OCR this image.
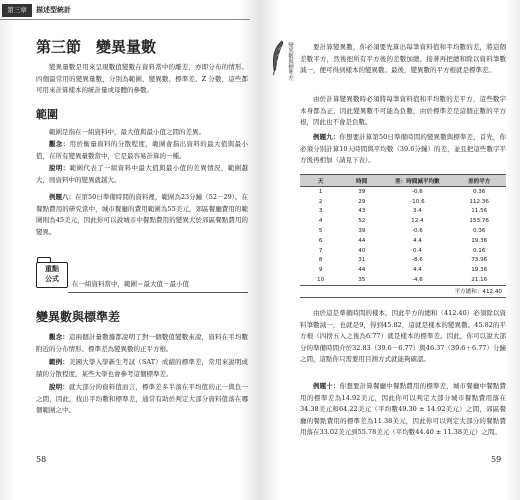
第三章	描述型統計
第三節　變異量數

變異量數是用來呈現數值變數在資料當中的離差，亦即分布的情形。四個最常用的變異量數，分別為範圍、變異數、標準差、Z 分數，這些都可用來計算樣本的統計量或母體的參數。

範圍

範圍是指在一組資料中，最大值與最小值之間的差異。

觀念：用於衡量資料的分散程度，範圍會指出資料的最大值與最小值，在所有變異量數當中，它是最容易計算的一種。

說明：範圍代表了一組資料中最大值與最小值的差異情況，範圍越大，則資料中的變異就越大。

例題八：在第50日準備時間的資料裡，範圍為23分鐘（52－29）。在餐點費用的研究當中，城市餐廳的費用範圍為55美元，郊區餐廳費用的範圍則為45美元，因此你可以說城市中餐點費用的變異大於郊區餐點費用的變異。

重點
公式
在一組資料當中，範圍＝最大值－最小值
變異數與標準差

觀念：這兩個計量數據都說明了對一個數值變數來說，資料在平均數附近的分布情形。標準差為變異數的正平方根。

範例：美國大學入學新生考試（SAT）成績的標準差，常用來說明成績的分散程度，某些大學也會參考這個標準差。

說明：就大部分的資料值而言，標準差多半落在平均值的正一與負一之間，因此，找出平均數和標準差，通常有助於判定大部分資料值落在哪個範圍之中。

58
變異數與標準差	要計算變異數，你必須要先算出每筆資料值和平均數的差，將這個差數平方，然後把所有平方後的差數加總，接著再把總和除以資料筆數減一，便可得到樣本的變異數。最後，變異數的平方根就是標準差。

由於計算變異數時必須將每筆資料值和平均數的差平方，這些數字本身都為正，因此變異數不可能為負數，由於標準差是這個正數的平方根，因此也不會是負數。

例題九：你想要計算第50日準備時間的變異數與標準差，首先，你必須分別計算10天時間與平均數（39.6分鐘）的差，並且把這些數字平方後再相加（請見下表）。

天	時間	差：時間減平均數	差的平方
1	39	-0.6	0.36
2	29	-10.6	112.36
3	43	3.4	11.56
4	52	12.4	153.76
5	39	-0.6	0.36
6	44	4.4	19.36
7	40	0.4	0.16
8	31	-8.6	73.96
9	44	4.4	19.36
10	35	-4.6	21.16
平方總和：412.40			

由於這是準備時間的樣本，因此平方的總和（412.40）必須除以資料筆數減一，也就是9，得到45.82，這就是樣本的變異數。45.82的平方根（四捨五入之後為6.77）就是樣本的標準差。因此，你可以說大部分的準備時間介於32.83（39.6－6.77）與46.37（39.6＋6.77）分鐘之間，這點你只需要用目測方式就能夠確認。

例題十：你想要計算餐廳中餐點費用的標準差，城市餐廳中餐點費用的標準差為14.92美元，因此你可以判定大部分城市餐點費用落在34.38美元和64.22美元（平均數49.30 ± 14.92美元）之間，郊區餐廳的餐點費用的標準差為11.38美元，因此你可以判定大部分的餐點費用落在33.02美元到55.78美元（平均數44.40 ± 11.38美元）之間。

59
